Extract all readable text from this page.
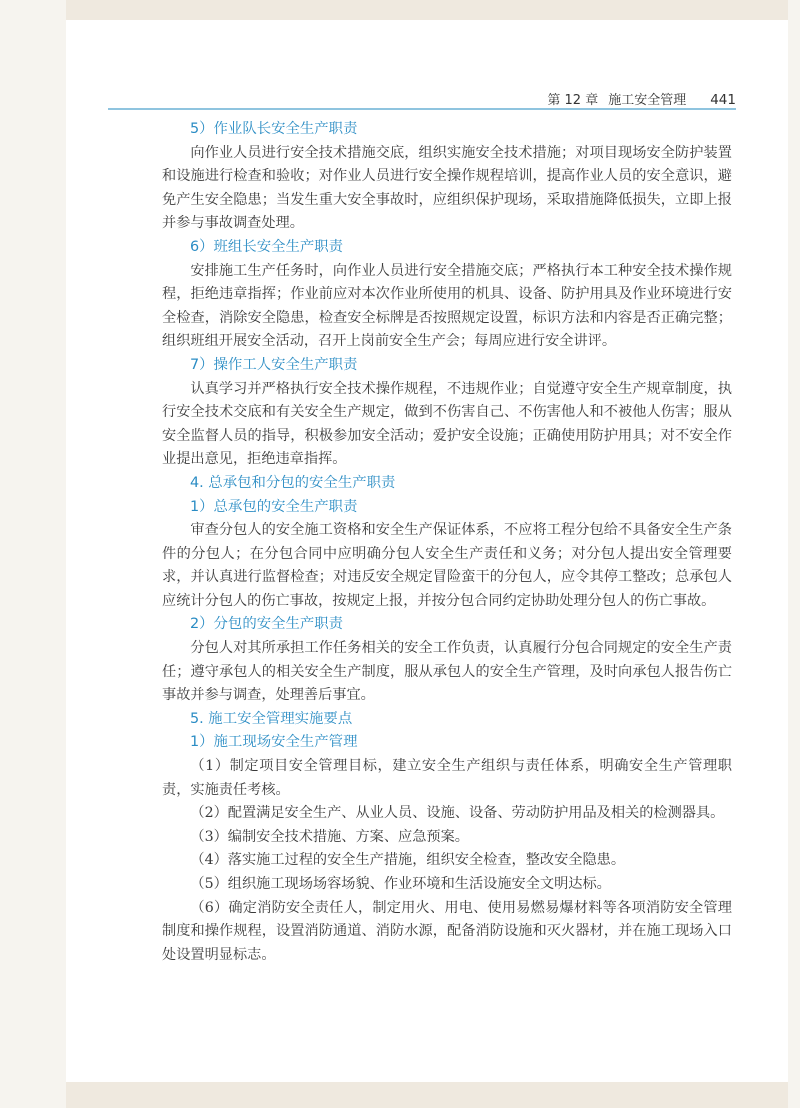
第 12 章 施工安全管理 441
5）作业队长安全生产职责

向作业人员进行安全技术措施交底，组织实施安全技术措施；对项目现场安全防护装置和设施进行检查和验收；对作业人员进行安全操作规程培训，提高作业人员的安全意识，避免产生安全隐患；当发生重大安全事故时，应组织保护现场，采取措施降低损失，立即上报并参与事故调查处理。

6）班组长安全生产职责

安排施工生产任务时，向作业人员进行安全措施交底；严格执行本工种安全技术操作规程，拒绝违章指挥；作业前应对本次作业所使用的机具、设备、防护用具及作业环境进行安全检查，消除安全隐患，检查安全标牌是否按照规定设置，标识方法和内容是否正确完整；组织班组开展安全活动，召开上岗前安全生产会；每周应进行安全讲评。

7）操作工人安全生产职责

认真学习并严格执行安全技术操作规程，不违规作业；自觉遵守安全生产规章制度，执行安全技术交底和有关安全生产规定，做到不伤害自己、不伤害他人和不被他人伤害；服从安全监督人员的指导，积极参加安全活动；爱护安全设施；正确使用防护用具；对不安全作业提出意见，拒绝违章指挥。

4. 总承包和分包的安全生产职责
1）总承包的安全生产职责

审查分包人的安全施工资格和安全生产保证体系，不应将工程分包给不具备安全生产条件的分包人；在分包合同中应明确分包人安全生产责任和义务；对分包人提出安全管理要求，并认真进行监督检查；对违反安全规定冒险蛮干的分包人，应令其停工整改；总承包人应统计分包人的伤亡事故，按规定上报，并按分包合同约定协助处理分包人的伤亡事故。

2）分包的安全生产职责

分包人对其所承担工作任务相关的安全工作负责，认真履行分包合同规定的安全生产责任；遵守承包人的相关安全生产制度，服从承包人的安全生产管理，及时向承包人报告伤亡事故并参与调查，处理善后事宜。

5. 施工安全管理实施要点
1）施工现场安全生产管理

（1）制定项目安全管理目标，建立安全生产组织与责任体系，明确安全生产管理职责，实施责任考核。

（2）配置满足安全生产、从业人员、设施、设备、劳动防护用品及相关的检测器具。

（3）编制安全技术措施、方案、应急预案。

（4）落实施工过程的安全生产措施，组织安全检查，整改安全隐患。

（5）组织施工现场场容场貌、作业环境和生活设施安全文明达标。

（6）确定消防安全责任人，制定用火、用电、使用易燃易爆材料等各项消防安全管理制度和操作规程，设置消防通道、消防水源，配备消防设施和灭火器材，并在施工现场入口处设置明显标志。
